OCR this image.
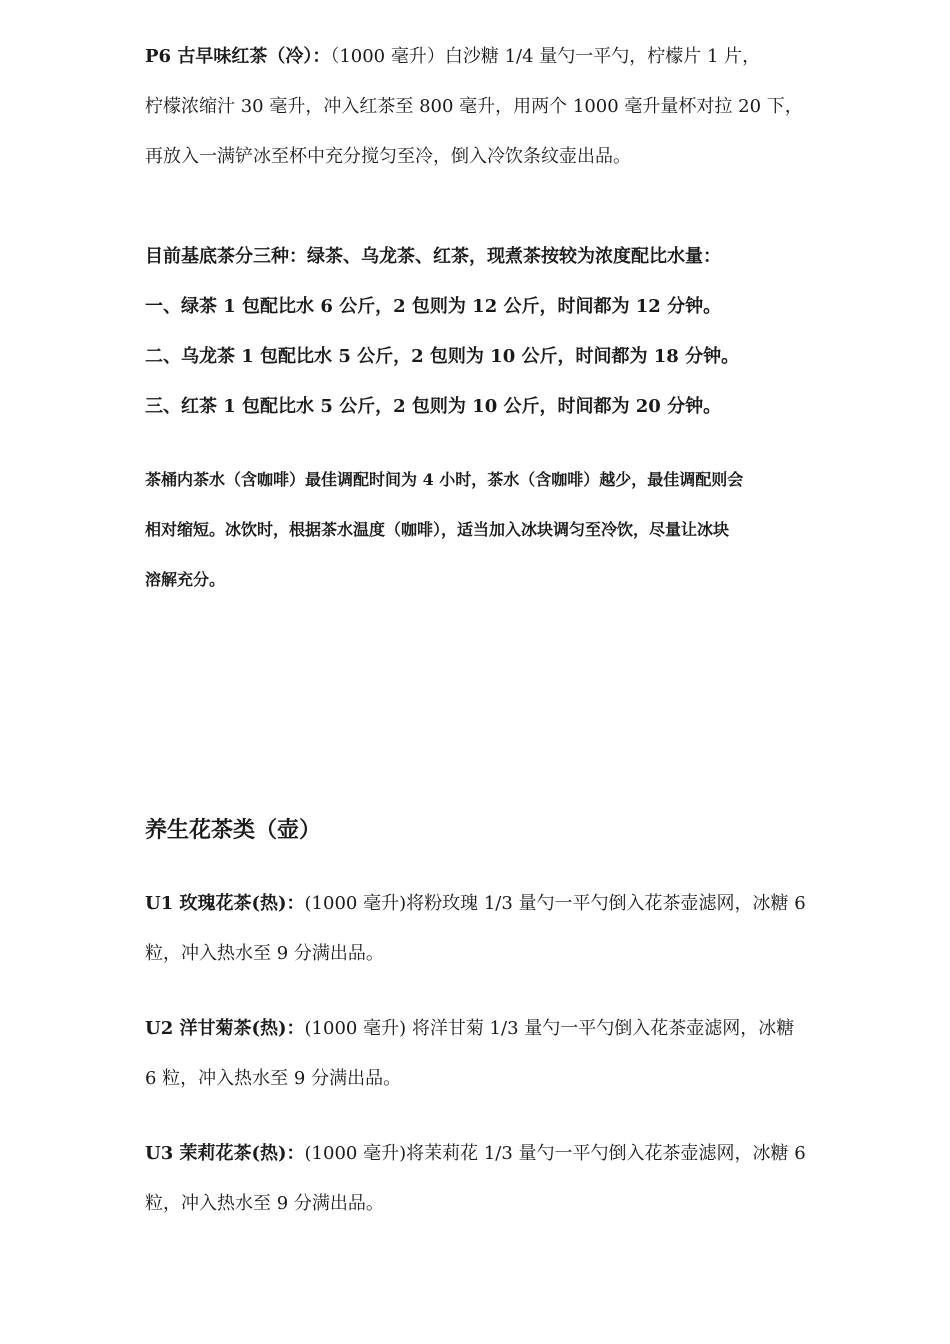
P6 古早味红茶（冷）：（1000 毫升）白沙糖 1/4 量勺一平勺，柠檬片 1 片，
柠檬浓缩汁 30 毫升，冲入红茶至 800 毫升，用两个 1000 毫升量杯对拉 20 下，
再放入一满铲冰至杯中充分搅匀至冷，倒入冷饮条纹壶出品。
目前基底茶分三种：绿茶、乌龙茶、红茶，现煮茶按较为浓度配比水量：
一、绿茶 1 包配比水 6 公斤，2 包则为 12 公斤，时间都为 12 分钟。
二、乌龙茶 1 包配比水 5 公斤，2 包则为 10 公斤，时间都为 18 分钟。
三、红茶 1 包配比水 5 公斤，2 包则为 10 公斤，时间都为 20 分钟。
茶桶内茶水（含咖啡）最佳调配时间为 4 小时，茶水（含咖啡）越少，最佳调配则会
相对缩短。冰饮时，根据茶水温度（咖啡），适当加入冰块调匀至冷饮，尽量让冰块
溶解充分。
养生花茶类（壶）
U1 玫瑰花茶(热)：(1000 毫升)将粉玫瑰 1/3 量勺一平勺倒入花茶壶滤网，冰糖 6
粒，冲入热水至 9 分满出品。
U2 洋甘菊茶(热)：(1000 毫升) 将洋甘菊 1/3 量勺一平勺倒入花茶壶滤网，冰糖
6 粒，冲入热水至 9 分满出品。
U3 茉莉花茶(热)：(1000 毫升)将茉莉花 1/3 量勺一平勺倒入花茶壶滤网，冰糖 6
粒，冲入热水至 9 分满出品。
